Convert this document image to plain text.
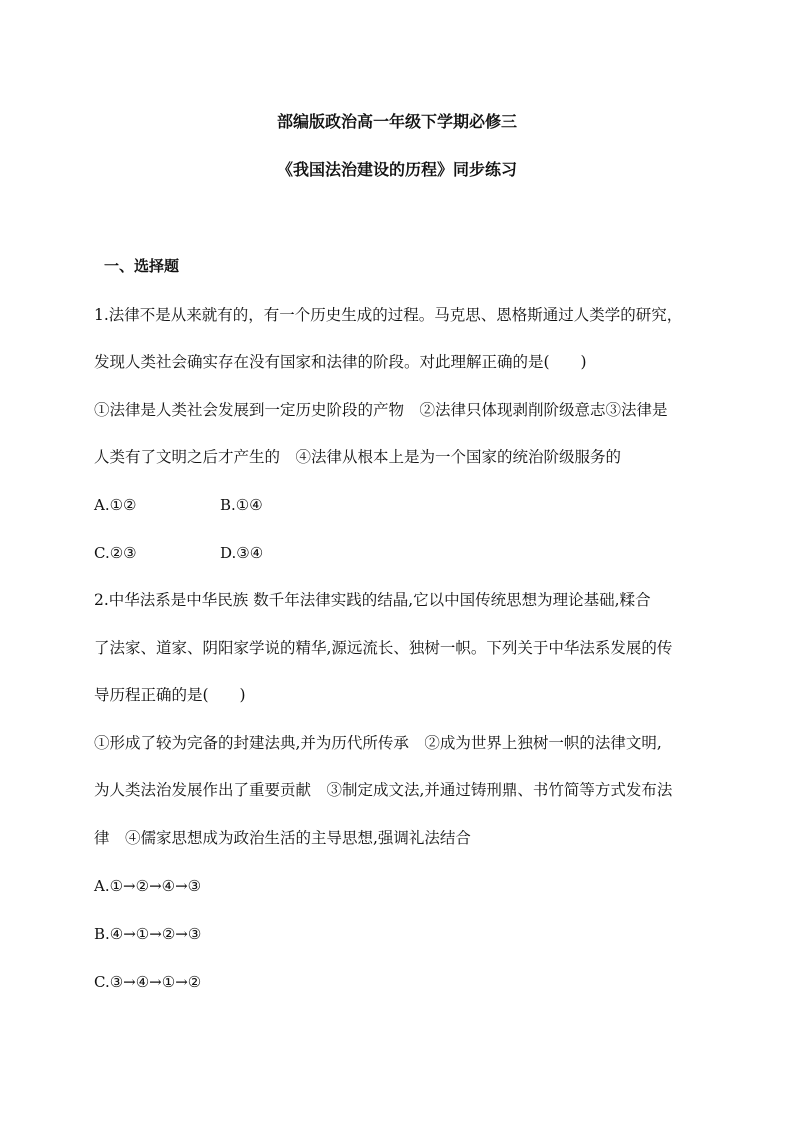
部编版政治高一年级下学期必修三
《我国法治建设的历程》同步练习
一、选择题

1.法律不是从来就有的，有一个历史生成的过程。马克思、恩格斯通过人类学的研究，

发现人类社会确实存在没有国家和法律的阶段。对此理解正确的是(　　)

①法律是人类社会发展到一定历史阶段的产物　②法律只体现剥削阶级意志③法律是

人类有了文明之后才产生的　④法律从根本上是为一个国家的统治阶级服务的

A.①②	B.①④

C.②③	D.③④

2.中华法系是中华民族 数千年法律实践的结晶,它以中国传统思想为理论基础,糅合

了法家、道家、阴阳家学说的精华,源远流长、独树一帜。下列关于中华法系发展的传

导历程正确的是(　　)

①形成了较为完备的封建法典,并为历代所传承　②成为世界上独树一帜的法律文明,

为人类法治发展作出了重要贡献　③制定成文法,并通过铸刑鼎、书竹简等方式发布法

律　④儒家思想成为政治生活的主导思想,强调礼法结合

A.①→②→④→③

B.④→①→②→③

C.③→④→①→②
